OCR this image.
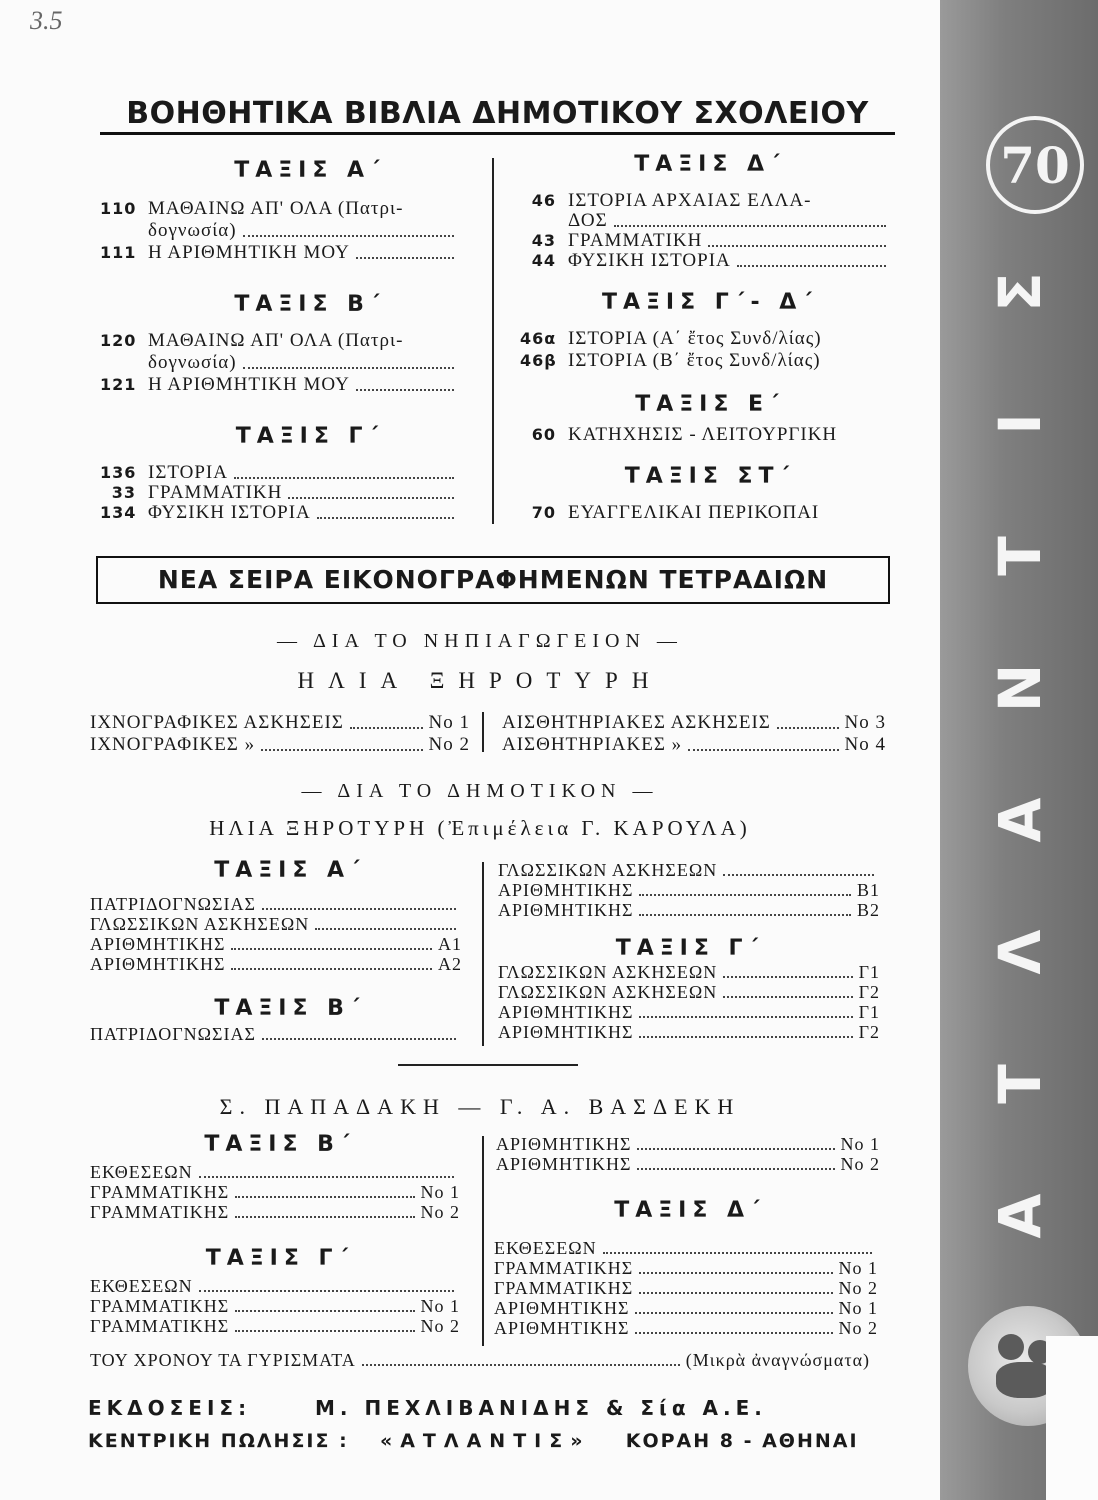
3.5
ΒΟΗΘΗΤΙΚΑ ΒΙΒΛΙΑ ΔΗΜΟΤΙΚΟΥ ΣΧΟΛΕΙΟΥ
ΤΑΞΙΣ Α΄
110 ΜΑΘΑΙΝΩ ΑΠ' ΟΛΑ (Πατρι-
δογνωσία)
111 Η ΑΡΙΘΜΗΤΙΚΗ ΜΟΥ
ΤΑΞΙΣ Β΄
120 ΜΑΘΑΙΝΩ ΑΠ' ΟΛΑ (Πατρι-
δογνωσία)
121 Η ΑΡΙΘΜΗΤΙΚΗ ΜΟΥ
ΤΑΞΙΣ Γ΄
136 ΙΣΤΟΡΙΑ
33 ΓΡΑΜΜΑΤΙΚΗ
134 ΦΥΣΙΚΗ ΙΣΤΟΡΙΑ
ΤΑΞΙΣ Δ΄
46 ΙΣΤΟΡΙΑ ΑΡΧΑΙΑΣ ΕΛΛΑ-
ΔΟΣ
43 ΓΡΑΜΜΑΤΙΚΗ
44 ΦΥΣΙΚΗ ΙΣΤΟΡΙΑ
ΤΑΞΙΣ Γ΄- Δ΄
46α ΙΣΤΟΡΙΑ (Α΄ ἔτος Συνδ/λίας)
46β ΙΣΤΟΡΙΑ (Β΄ ἔτος Συνδ/λίας)
ΤΑΞΙΣ Ε΄
60 ΚΑΤΗΧΗΣΙΣ - ΛΕΙΤΟΥΡΓΙΚΗ
ΤΑΞΙΣ ΣΤ΄
70 ΕΥΑΓΓΕΛΙΚΑΙ ΠΕΡΙΚΟΠΑΙ
ΝΕΑ ΣΕΙΡΑ ΕΙΚΟΝΟΓΡΑΦΗΜΕΝΩΝ ΤΕΤΡΑΔΙΩΝ
— ΔΙΑ ΤΟ ΝΗΠΙΑΓΩΓΕΙΟΝ —
ΗΛΙΑ ΞΗΡΟΤΥΡΗ
ΙΧΝΟΓΡΑΦΙΚΕΣ ΑΣΚΗΣΕΙΣ	Νο 1
ΙΧΝΟΓΡΑΦΙΚΕΣ »	Νο 2
ΑΙΣΘΗΤΗΡΙΑΚΕΣ ΑΣΚΗΣΕΙΣ	Νο 3
ΑΙΣΘΗΤΗΡΙΑΚΕΣ »	Νο 4
— ΔΙΑ ΤΟ ΔΗΜΟΤΙΚΟΝ —
ΗΛΙΑ ΞΗΡΟΤΥΡΗ (Ἐπιμέλεια Γ. ΚΑΡΟΥΛΑ)
ΤΑΞΙΣ Α΄
ΠΑΤΡΙΔΟΓΝΩΣΙΑΣ
ΓΛΩΣΣΙΚΩΝ ΑΣΚΗΣΕΩΝ
ΑΡΙΘΜΗΤΙΚΗΣ	Α1
ΑΡΙΘΜΗΤΙΚΗΣ	Α2
ΤΑΞΙΣ Β΄
ΠΑΤΡΙΔΟΓΝΩΣΙΑΣ
ΓΛΩΣΣΙΚΩΝ ΑΣΚΗΣΕΩΝ
ΑΡΙΘΜΗΤΙΚΗΣ	Β1
ΑΡΙΘΜΗΤΙΚΗΣ	Β2
ΤΑΞΙΣ Γ΄
ΓΛΩΣΣΙΚΩΝ ΑΣΚΗΣΕΩΝ	Γ1
ΓΛΩΣΣΙΚΩΝ ΑΣΚΗΣΕΩΝ	Γ2
ΑΡΙΘΜΗΤΙΚΗΣ	Γ1
ΑΡΙΘΜΗΤΙΚΗΣ	Γ2
Σ. ΠΑΠΑΔΑΚΗ — Γ. Α. ΒΑΣΔΕΚΗ
ΤΑΞΙΣ Β΄
ΕΚΘΕΣΕΩΝ
ΓΡΑΜΜΑΤΙΚΗΣ	Νο 1
ΓΡΑΜΜΑΤΙΚΗΣ	Νο 2
ΤΑΞΙΣ Γ΄
ΕΚΘΕΣΕΩΝ
ΓΡΑΜΜΑΤΙΚΗΣ	Νο 1
ΓΡΑΜΜΑΤΙΚΗΣ	Νο 2
ΑΡΙΘΜΗΤΙΚΗΣ	Νο 1
ΑΡΙΘΜΗΤΙΚΗΣ	Νο 2
ΤΑΞΙΣ Δ΄
ΕΚΘΕΣΕΩΝ
ΓΡΑΜΜΑΤΙΚΗΣ	Νο 1
ΓΡΑΜΜΑΤΙΚΗΣ	Νο 2
ΑΡΙΘΜΗΤΙΚΗΣ	Νο 1
ΑΡΙΘΜΗΤΙΚΗΣ	Νο 2
ΤΟΥ ΧΡΟΝΟΥ ΤΑ ΓΥΡΙΣΜΑΤΑ	(Μικρὰ ἀναγνώσματα)
ΕΚΔΟΣΕΙΣ:	Μ. ΠΕΧΛΙΒΑΝΙΔΗΣ & Σία Α.Ε.
ΚΕΝΤΡΙΚΗ ΠΩΛΗΣΙΣ : «ΑΤΛΑΝΤΙΣ» ΚΟΡΑΗ 8 - ΑΘΗΝΑΙ
70
Α
Τ
Λ
Α
Ν
Τ
Ι
Σ
